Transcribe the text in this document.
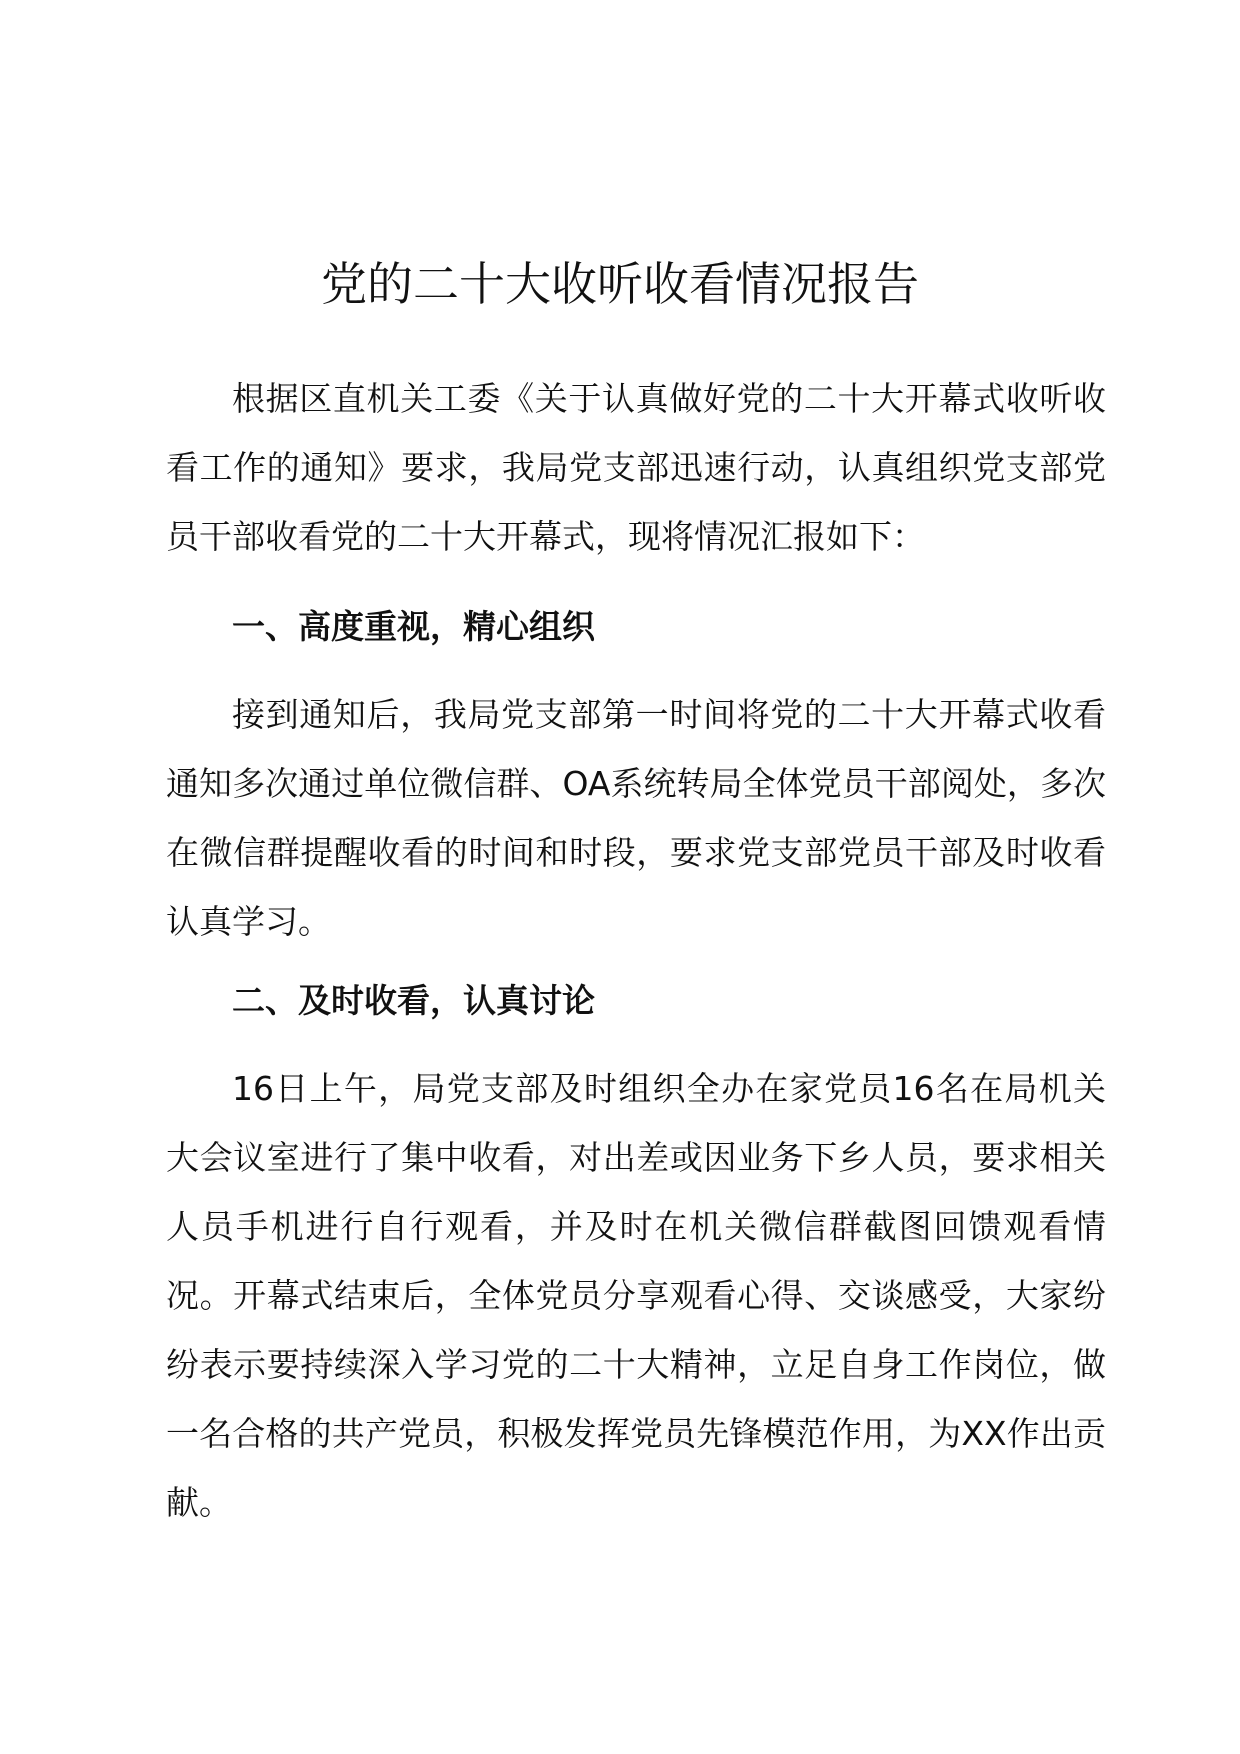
党的二十大收听收看情况报告

根据区直机关工委《关于认真做好党的二十大开幕式收听收看工作的通知》要求，我局党支部迅速行动，认真组织党支部党员干部收看党的二十大开幕式，现将情况汇报如下：

一、高度重视，精心组织

接到通知后，我局党支部第一时间将党的二十大开幕式收看通知多次通过单位微信群、OA系统转局全体党员干部阅处，多次在微信群提醒收看的时间和时段，要求党支部党员干部及时收看认真学习。

二、及时收看，认真讨论

16日上午，局党支部及时组织全办在家党员16名在局机关大会议室进行了集中收看，对出差或因业务下乡人员，要求相关人员手机进行自行观看，并及时在机关微信群截图回馈观看情况。开幕式结束后，全体党员分享观看心得、交谈感受，大家纷纷表示要持续深入学习党的二十大精神，立足自身工作岗位，做一名合格的共产党员，积极发挥党员先锋模范作用，为XX作出贡献。
